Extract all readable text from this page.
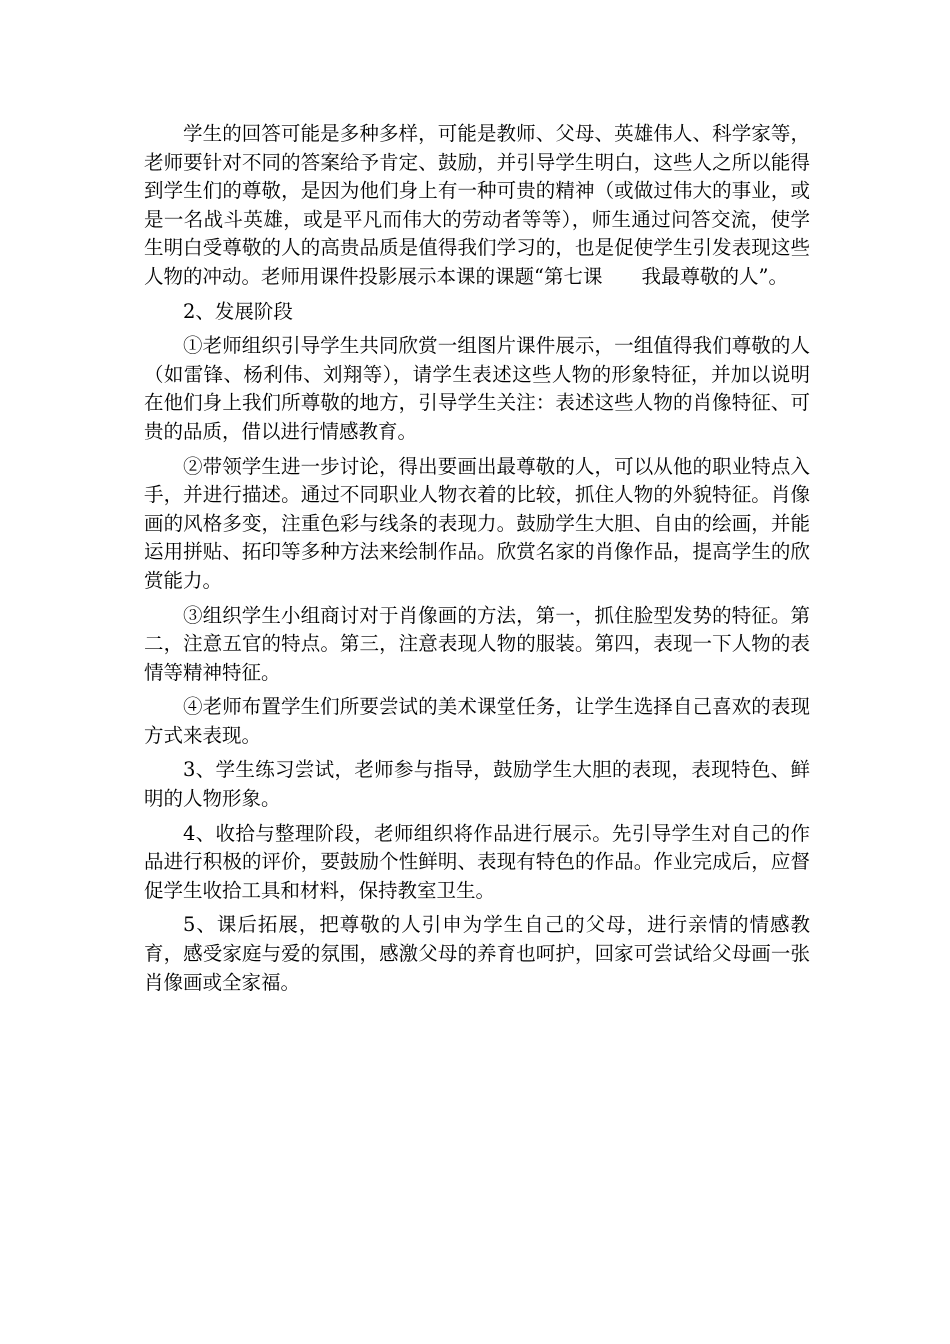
学生的回答可能是多种多样，可能是教师、父母、英雄伟人、科学家等，老师要针对不同的答案给予肯定、鼓励，并引导学生明白，这些人之所以能得到学生们的尊敬，是因为他们身上有一种可贵的精神（或做过伟大的事业，或是一名战斗英雄，或是平凡而伟大的劳动者等等），师生通过问答交流，使学生明白受尊敬的人的高贵品质是值得我们学习的，也是促使学生引发表现这些人物的冲动。老师用课件投影展示本课的课题“第七课　　我最尊敬的人”。

2、发展阶段

①老师组织引导学生共同欣赏一组图片课件展示，一组值得我们尊敬的人（如雷锋、杨利伟、刘翔等），请学生表述这些人物的形象特征，并加以说明在他们身上我们所尊敬的地方，引导学生关注：表述这些人物的肖像特征、可贵的品质，借以进行情感教育。

②带领学生进一步讨论，得出要画出最尊敬的人，可以从他的职业特点入手，并进行描述。通过不同职业人物衣着的比较，抓住人物的外貌特征。肖像画的风格多变，注重色彩与线条的表现力。鼓励学生大胆、自由的绘画，并能运用拼贴、拓印等多种方法来绘制作品。欣赏名家的肖像作品，提高学生的欣赏能力。

③组织学生小组商讨对于肖像画的方法，第一，抓住脸型发势的特征。第二，注意五官的特点。第三，注意表现人物的服装。第四，表现一下人物的表情等精神特征。

④老师布置学生们所要尝试的美术课堂任务，让学生选择自己喜欢的表现方式来表现。

3、学生练习尝试，老师参与指导，鼓励学生大胆的表现，表现特色、鲜明的人物形象。

4、收拾与整理阶段，老师组织将作品进行展示。先引导学生对自己的作品进行积极的评价，要鼓励个性鲜明、表现有特色的作品。作业完成后，应督促学生收拾工具和材料，保持教室卫生。

5、课后拓展，把尊敬的人引申为学生自己的父母，进行亲情的情感教育，感受家庭与爱的氛围，感激父母的养育也呵护，回家可尝试给父母画一张肖像画或全家福。
